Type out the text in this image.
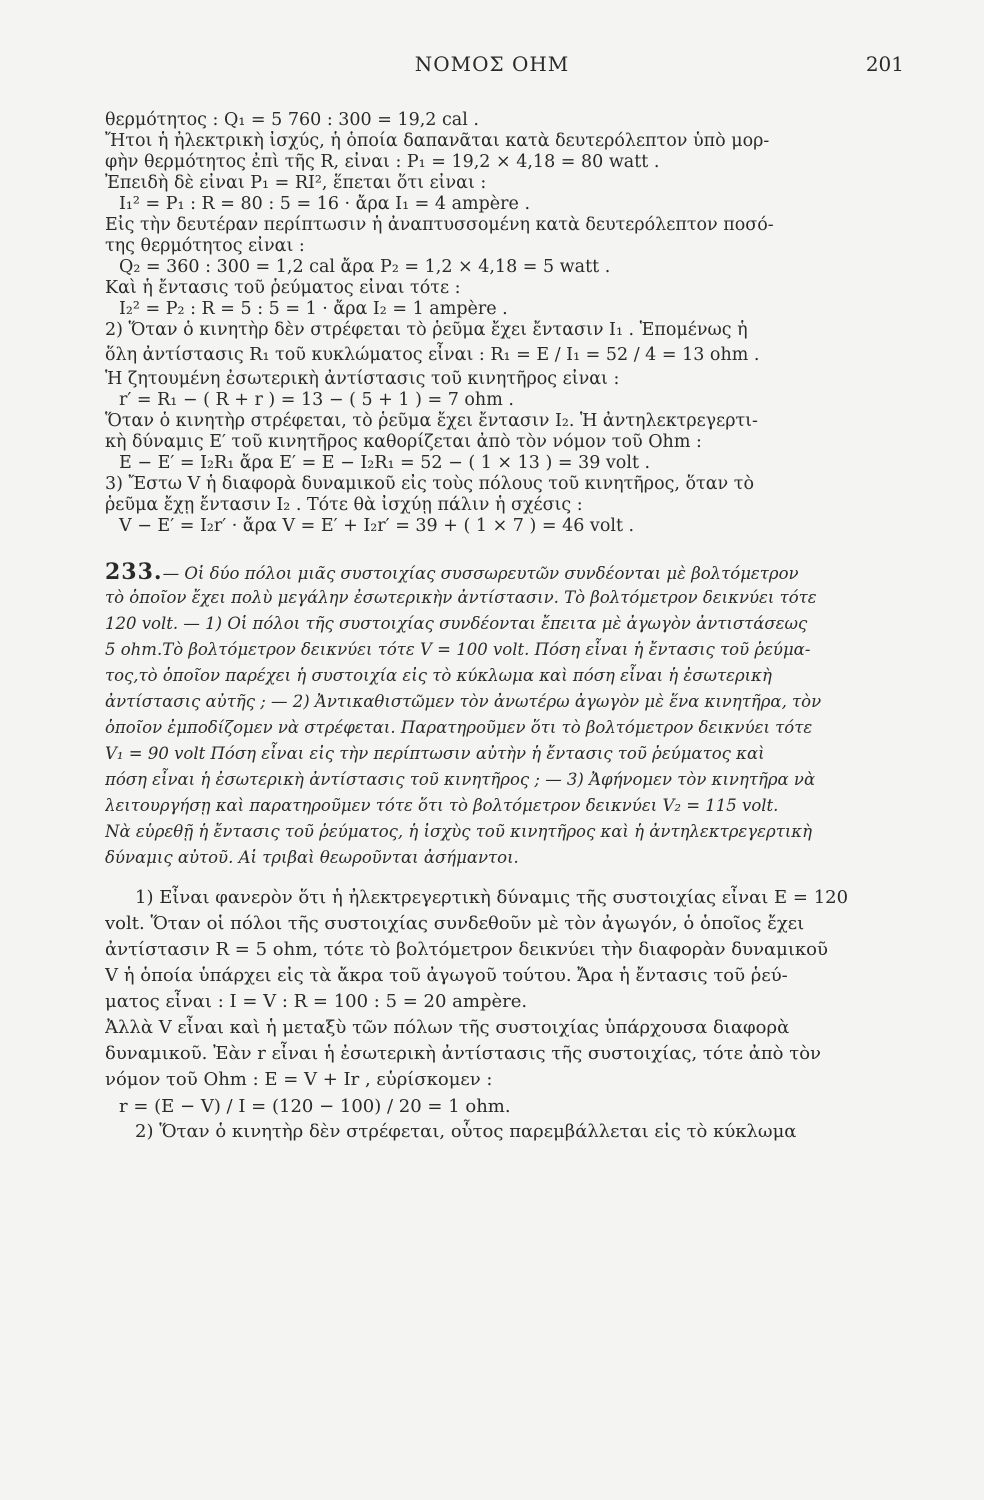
ΝΟΜΟΣ ΟΗΜ	201
θερμότητος : Q₁ = 5 760 : 300 = 19,2 cal .
Ἤτοι ἡ ἠλεκτρικὴ ἰσχύς, ἡ ὁποία δαπανᾶται κατὰ δευτερόλεπτον ὑπὸ μορ-
φὴν θερμότητος ἐπὶ τῆς R, εἶναι : P₁ = 19,2 × 4,18 = 80 watt .
Ἐπειδὴ δὲ εἶναι P₁ = RI², ἕπεται ὅτι εἶναι :
I₁² = P₁ : R = 80 : 5 = 16 · ἄρα I₁ = 4 ampère .
Εἰς τὴν δευτέραν περίπτωσιν ἡ ἀναπτυσσομένη κατὰ δευτερόλεπτον ποσό-
της θερμότητος εἶναι :
Q₂ = 360 : 300 = 1,2 cal ἄρα P₂ = 1,2 × 4,18 = 5 watt .
Καὶ ἡ ἔντασις τοῦ ῥεύματος εἶναι τότε :
I₂² = P₂ : R = 5 : 5 = 1 · ἄρα I₂ = 1 ampère .
2) Ὅταν ὁ κινητὴρ δὲν στρέφεται τὸ ῥεῦμα ἔχει ἔντασιν I₁ . Ἑπομένως ἡ
ὅλη ἀντίστασις R₁ τοῦ κυκλώματος εἶναι : R₁ = E / I₁ = 52 / 4 = 13 ohm .
Ἡ ζητουμένη ἐσωτερικὴ ἀντίστασις τοῦ κινητῆρος εἶναι :
r′ = R₁ − ( R + r ) = 13 − ( 5 + 1 ) = 7 ohm .
Ὅταν ὁ κινητὴρ στρέφεται, τὸ ῥεῦμα ἔχει ἔντασιν I₂. Ἡ ἀντηλεκτρεγερτι-
κὴ δύναμις E′ τοῦ κινητῆρος καθορίζεται ἀπὸ τὸν νόμον τοῦ Ohm :
E − E′ = I₂R₁ ἄρα E′ = E − I₂R₁ = 52 − ( 1 × 13 ) = 39 volt .
3) Ἔστω V ἡ διαφορὰ δυναμικοῦ εἰς τοὺς πόλους τοῦ κινητῆρος, ὅταν τὸ
ῥεῦμα ἔχῃ ἔντασιν I₂ . Τότε θὰ ἰσχύῃ πάλιν ἡ σχέσις :
V − E′ = I₂r′ · ἄρα V = E′ + I₂r′ = 39 + ( 1 × 7 ) = 46 volt .
233.— Οἱ δύο πόλοι μιᾶς συστοιχίας συσσωρευτῶν συνδέονται μὲ βολτόμετρον
τὸ ὁποῖον ἔχει πολὺ μεγάλην ἐσωτερικὴν ἀντίστασιν. Τὸ βολτόμετρον δεικνύει τότε
120 volt. — 1) Οἱ πόλοι τῆς συστοιχίας συνδέονται ἔπειτα μὲ ἀγωγὸν ἀντιστάσεως
5 ohm.Τὸ βολτόμετρον δεικνύει τότε V = 100 volt. Πόση εἶναι ἡ ἔντασις τοῦ ῥεύμα-
τος,τὸ ὁποῖον παρέχει ἡ συστοιχία εἰς τὸ κύκλωμα καὶ πόση εἶναι ἡ ἐσωτερικὴ
ἀντίστασις αὐτῆς ; — 2) Ἀντικαθιστῶμεν τὸν ἀνωτέρω ἀγωγὸν μὲ ἕνα κινητῆρα, τὸν
ὁποῖον ἐμποδίζομεν νὰ στρέφεται. Παρατηροῦμεν ὅτι τὸ βολτόμετρον δεικνύει τότε
V₁ = 90 volt Πόση εἶναι εἰς τὴν περίπτωσιν αὐτὴν ἡ ἔντασις τοῦ ῥεύματος καὶ
πόση εἶναι ἡ ἐσωτερικὴ ἀντίστασις τοῦ κινητῆρος ; — 3) Ἀφήνομεν τὸν κινητῆρα νὰ
λειτουργήσῃ καὶ παρατηροῦμεν τότε ὅτι τὸ βολτόμετρον δεικνύει V₂ = 115 volt.
Νὰ εὑρεθῇ ἡ ἔντασις τοῦ ῥεύματος, ἡ ἰσχὺς τοῦ κινητῆρος καὶ ἡ ἀντηλεκτρεγερτικὴ
δύναμις αὐτοῦ. Αἱ τριβαὶ θεωροῦνται ἀσήμαντοι.
1) Εἶναι φανερὸν ὅτι ἡ ἠλεκτρεγερτικὴ δύναμις τῆς συστοιχίας εἶναι E = 120
volt. Ὅταν οἱ πόλοι τῆς συστοιχίας συνδεθοῦν μὲ τὸν ἀγωγόν, ὁ ὁποῖος ἔχει
ἀντίστασιν R = 5 ohm, τότε τὸ βολτόμετρον δεικνύει τὴν διαφορὰν δυναμικοῦ
V ἡ ὁποία ὑπάρχει εἰς τὰ ἄκρα τοῦ ἀγωγοῦ τούτου. Ἄρα ἡ ἔντασις τοῦ ῥεύ-
ματος εἶναι : I = V : R = 100 : 5 = 20 ampère.
Ἀλλὰ V εἶναι καὶ ἡ μεταξὺ τῶν πόλων τῆς συστοιχίας ὑπάρχουσα διαφορὰ
δυναμικοῦ. Ἐὰν r εἶναι ἡ ἐσωτερικὴ ἀντίστασις τῆς συστοιχίας, τότε ἀπὸ τὸν
νόμον τοῦ Ohm : E = V + Ir , εὑρίσκομεν :
r = (E − V) / I = (120 − 100) / 20 = 1 ohm.
2) Ὅταν ὁ κινητὴρ δὲν στρέφεται, οὗτος παρεμβάλλεται εἰς τὸ κύκλωμα
